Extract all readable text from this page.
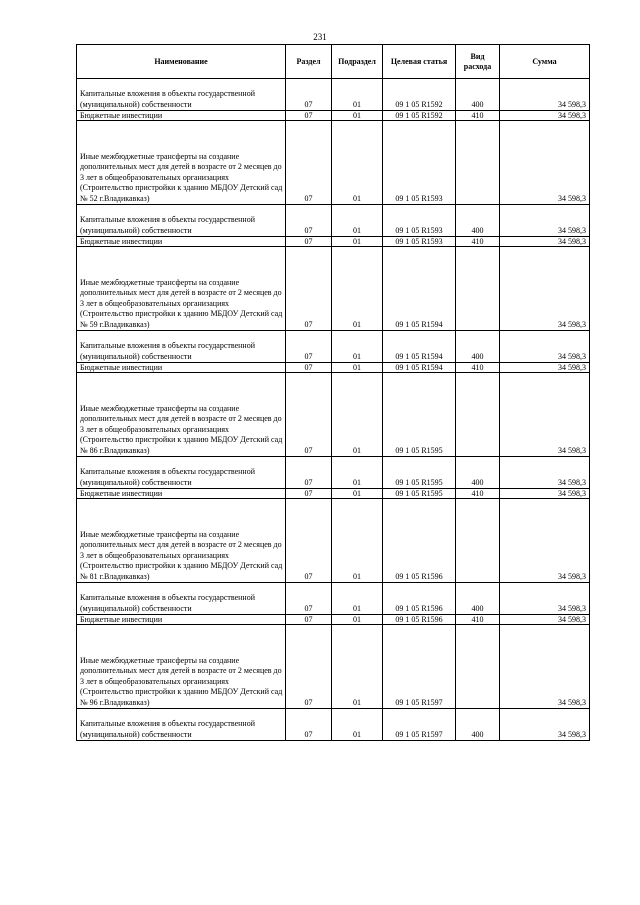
231
Наименование	Раздел	Подраздел	Целевая статья	Вид расхода	Сумма
Капитальные вложения в объекты государственной (муниципальной) собственности	07	01	09 1 05 R1592	400	34 598,3
Бюджетные инвестиции	07	01	09 1 05 R1592	410	34 598,3
Иные межбюджетные трансферты на создание дополнительных мест для детей в возрасте от 2 месяцев до 3 лет в общеобразовательных организациях (Строительство пристройки к зданию МБДОУ Детский сад № 52 г.Владикавказ)	07	01	09 1 05 R1593		34 598,3
Капитальные вложения в объекты государственной (муниципальной) собственности	07	01	09 1 05 R1593	400	34 598,3
Бюджетные инвестиции	07	01	09 1 05 R1593	410	34 598,3
Иные межбюджетные трансферты на создание дополнительных мест для детей в возрасте от 2 месяцев до 3 лет в общеобразовательных организациях (Строительство пристройки к зданию МБДОУ Детский сад № 59 г.Владикавказ)	07	01	09 1 05 R1594		34 598,3
Капитальные вложения в объекты государственной (муниципальной) собственности	07	01	09 1 05 R1594	400	34 598,3
Бюджетные инвестиции	07	01	09 1 05 R1594	410	34 598,3
Иные межбюджетные трансферты на создание дополнительных мест для детей в возрасте от 2 месяцев до 3 лет в общеобразовательных организациях (Строительство пристройки к зданию МБДОУ Детский сад № 86 г.Владикавказ)	07	01	09 1 05 R1595		34 598,3
Капитальные вложения в объекты государственной (муниципальной) собственности	07	01	09 1 05 R1595	400	34 598,3
Бюджетные инвестиции	07	01	09 1 05 R1595	410	34 598,3
Иные межбюджетные трансферты на создание дополнительных мест для детей в возрасте от 2 месяцев до 3 лет в общеобразовательных организациях (Строительство пристройки к зданию МБДОУ Детский сад № 81 г.Владикавказ)	07	01	09 1 05 R1596		34 598,3
Капитальные вложения в объекты государственной (муниципальной) собственности	07	01	09 1 05 R1596	400	34 598,3
Бюджетные инвестиции	07	01	09 1 05 R1596	410	34 598,3
Иные межбюджетные трансферты на создание дополнительных мест для детей в возрасте от 2 месяцев до 3 лет в общеобразовательных организациях (Строительство пристройки к зданию МБДОУ Детский сад № 96 г.Владикавказ)	07	01	09 1 05 R1597		34 598,3
Капитальные вложения в объекты государственной (муниципальной) собственности	07	01	09 1 05 R1597	400	34 598,3
